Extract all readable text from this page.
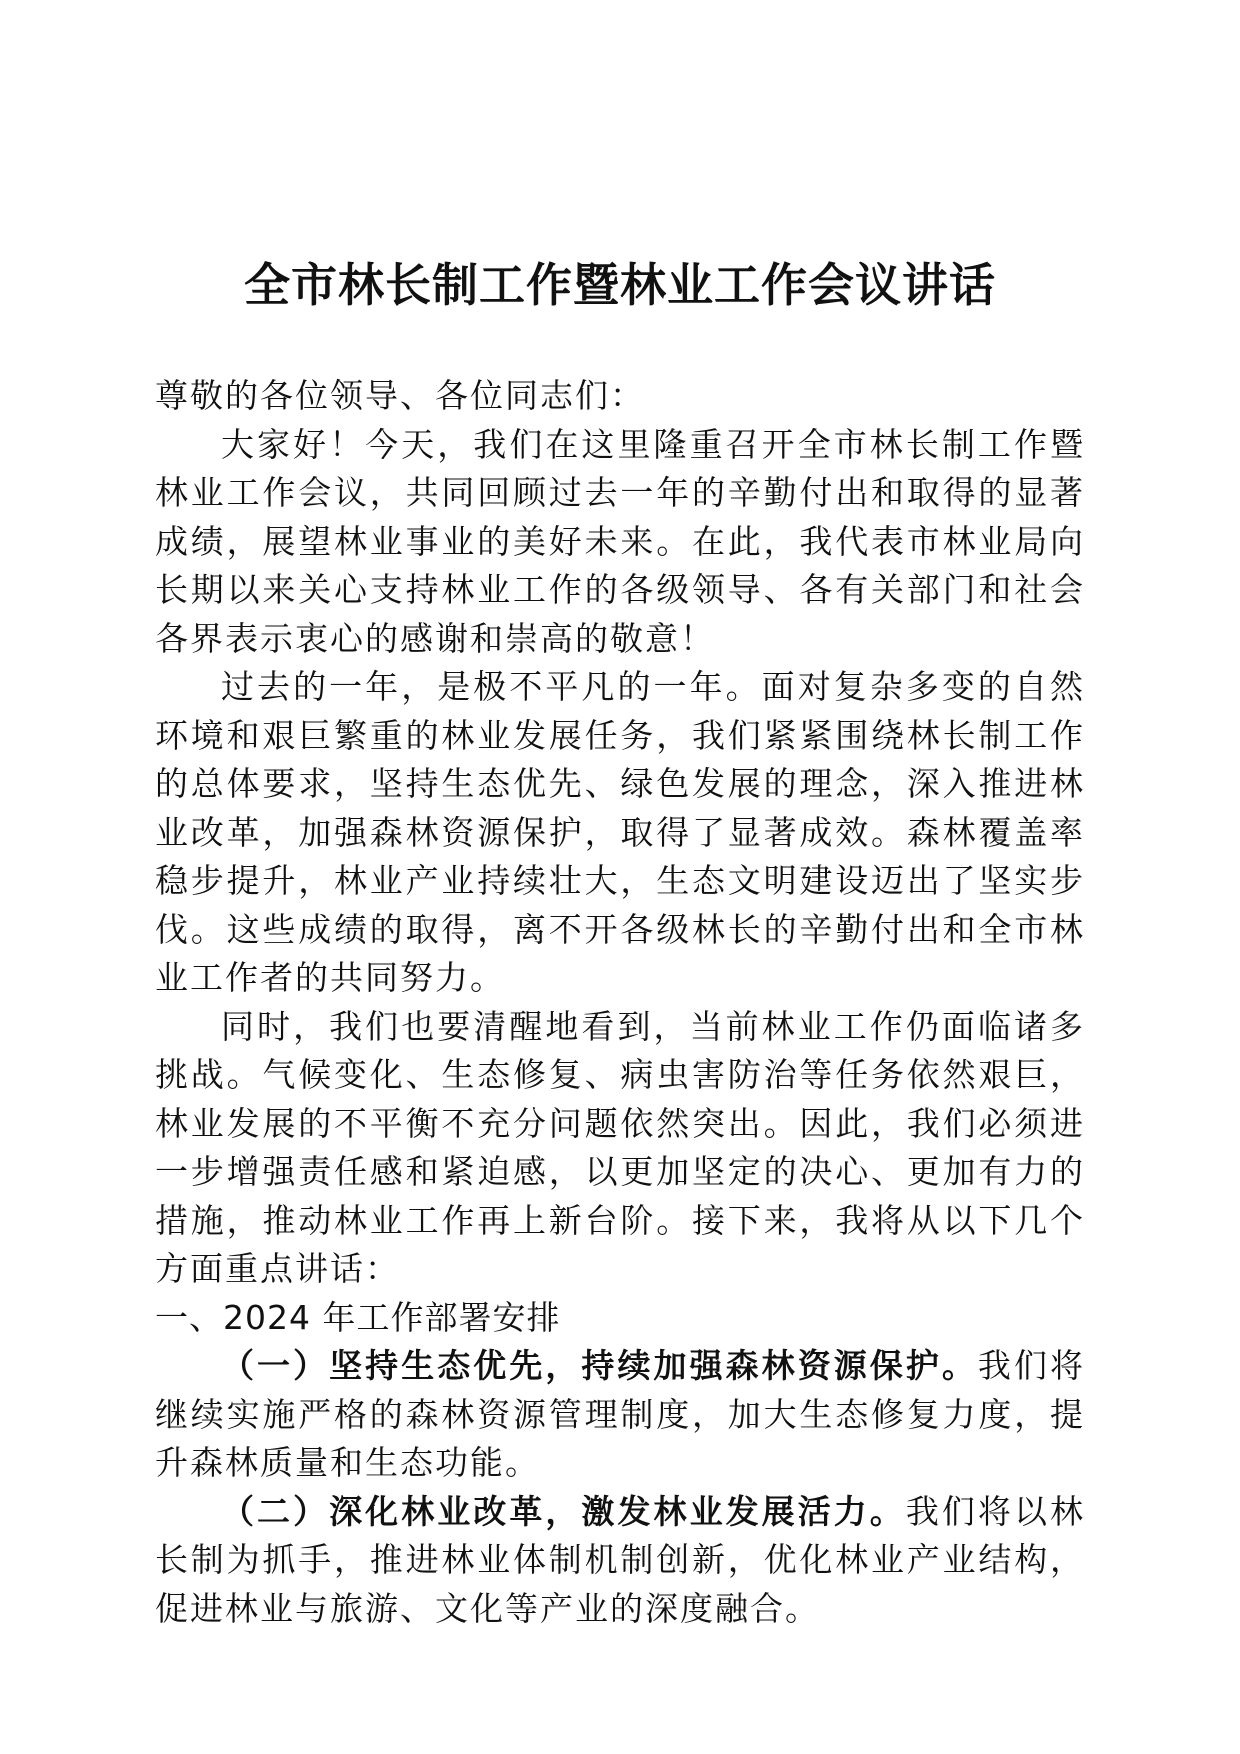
全市林长制工作暨林业工作会议讲话

尊敬的各位领导、各位同志们：

大家好！今天，我们在这里隆重召开全市林长制工作暨林业工作会议，共同回顾过去一年的辛勤付出和取得的显著成绩，展望林业事业的美好未来。在此，我代表市林业局向长期以来关心支持林业工作的各级领导、各有关部门和社会各界表示衷心的感谢和崇高的敬意！

过去的一年，是极不平凡的一年。面对复杂多变的自然环境和艰巨繁重的林业发展任务，我们紧紧围绕林长制工作的总体要求，坚持生态优先、绿色发展的理念，深入推进林业改革，加强森林资源保护，取得了显著成效。森林覆盖率稳步提升，林业产业持续壮大，生态文明建设迈出了坚实步伐。这些成绩的取得，离不开各级林长的辛勤付出和全市林业工作者的共同努力。

同时，我们也要清醒地看到，当前林业工作仍面临诸多挑战。气候变化、生态修复、病虫害防治等任务依然艰巨，林业发展的不平衡不充分问题依然突出。因此，我们必须进一步增强责任感和紧迫感，以更加坚定的决心、更加有力的措施，推动林业工作再上新台阶。接下来，我将从以下几个方面重点讲话：

一、2024 年工作部署安排

（一）坚持生态优先，持续加强森林资源保护。我们将继续实施严格的森林资源管理制度，加大生态修复力度，提升森林质量和生态功能。

（二）深化林业改革，激发林业发展活力。我们将以林长制为抓手，推进林业体制机制创新，优化林业产业结构，促进林业与旅游、文化等产业的深度融合。
